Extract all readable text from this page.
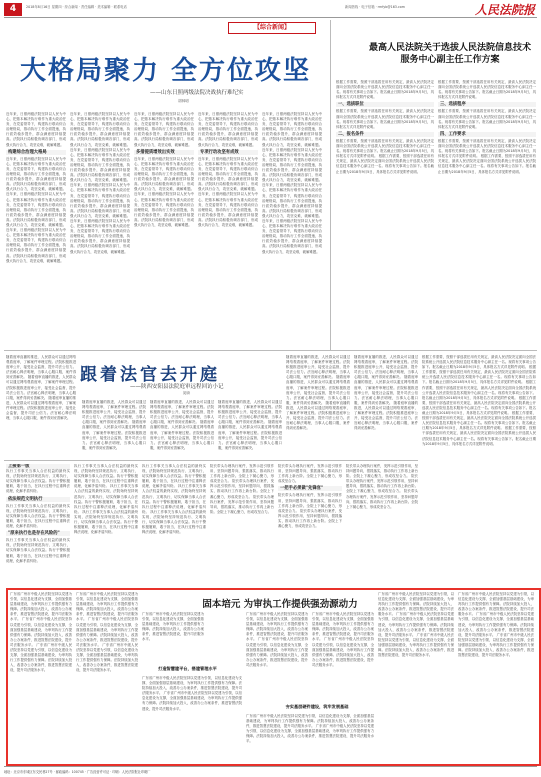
4	2018年8月16日 星期四 · 综合新闻 · 责任编辑 · 美术编辑 · 联系电话	新闻热线 · 电子信箱 · rmfyb@163.com	人民法院报
【综合新闻】
大格局聚力 全方位攻坚
——山东日照两级法院决战执行难纪实
胡林明
近年来，日照两级法院坚持以人民为中心，把基本解决执行难作为重大政治任务，在党委领导下，构建执行联动综合治理格局，推动执行工作全面提速，执行质效稳步提升，群众满意度持续提高。法院执行局积极协调各部门，形成强大执行合力，攻坚克难，破解难题。
构建综合治理大格局
近年来，日照两级法院坚持以人民为中心，把基本解决执行难作为重大政治任务，在党委领导下，构建执行联动综合治理格局，推动执行工作全面提速，执行质效稳步提升，群众满意度持续提高。法院执行局积极协调各部门，形成强大执行合力，攻坚克难，破解难题。 近年来，日照两级法院坚持以人民为中心，把基本解决执行难作为重大政治任务，在党委领导下，构建执行联动综合治理格局，推动执行工作全面提速，执行质效稳步提升，群众满意度持续提高。法院执行局积极协调各部门，形成强大执行合力，攻坚克难，破解难题。 近年来，日照两级法院坚持以人民为中心，把基本解决执行难作为重大政治任务，在党委领导下，构建执行联动综合治理格局，推动执行工作全面提速，执行质效稳步提升，群众满意度持续提高。法院执行局积极协调各部门，形成强大执行合力，攻坚克难，破解难题。
近年来，日照两级法院坚持以人民为中心，把基本解决执行难作为重大政治任务，在党委领导下，构建执行联动综合治理格局，推动执行工作全面提速，执行质效稳步提升，群众满意度持续提高。法院执行局积极协调各部门，形成强大执行合力，攻坚克难，破解难题。 近年来，日照两级法院坚持以人民为中心，把基本解决执行难作为重大政治任务，在党委领导下，构建执行联动综合治理格局，推动执行工作全面提速，执行质效稳步提升，群众满意度持续提高。法院执行局积极协调各部门，形成强大执行合力，攻坚克难，破解难题。 近年来，日照两级法院坚持以人民为中心，把基本解决执行难作为重大政治任务，在党委领导下，构建执行联动综合治理格局，推动执行工作全面提速，执行质效稳步提升，群众满意度持续提高。法院执行局积极协调各部门，形成强大执行合力，攻坚克难，破解难题。 近年来，日照两级法院坚持以人民为中心，把基本解决执行难作为重大政治任务，在党委领导下，构建执行联动综合治理格局，推动执行工作全面提速，执行质效稳步提升，群众满意度持续提高。法院执行局积极协调各部门，形成强大执行合力，攻坚克难，破解难题。
近年来，日照两级法院坚持以人民为中心，把基本解决执行难作为重大政治任务，在党委领导下，构建执行联动综合治理格局，推动执行工作全面提速，执行质效稳步提升，群众满意度持续提高。法院执行局积极协调各部门，形成强大执行合力，攻坚克难，破解难题。
多措提质增效出实效
近年来，日照两级法院坚持以人民为中心，把基本解决执行难作为重大政治任务，在党委领导下，构建执行联动综合治理格局，推动执行工作全面提速，执行质效稳步提升，群众满意度持续提高。法院执行局积极协调各部门，形成强大执行合力，攻坚克难，破解难题。 近年来，日照两级法院坚持以人民为中心，把基本解决执行难作为重大政治任务，在党委领导下，构建执行联动综合治理格局，推动执行工作全面提速，执行质效稳步提升，群众满意度持续提高。法院执行局积极协调各部门，形成强大执行合力，攻坚克难，破解难题。
近年来，日照两级法院坚持以人民为中心，把基本解决执行难作为重大政治任务，在党委领导下，构建执行联动综合治理格局，推动执行工作全面提速，执行质效稳步提升，群众满意度持续提高。法院执行局积极协调各部门，形成强大执行合力，攻坚克难，破解难题。
专项行动攻坚有成效
近年来，日照两级法院坚持以人民为中心，把基本解决执行难作为重大政治任务，在党委领导下，构建执行联动综合治理格局，推动执行工作全面提速，执行质效稳步提升，群众满意度持续提高。法院执行局积极协调各部门，形成强大执行合力，攻坚克难，破解难题。 近年来，日照两级法院坚持以人民为中心，把基本解决执行难作为重大政治任务，在党委领导下，构建执行联动综合治理格局，推动执行工作全面提速，执行质效稳步提升，群众满意度持续提高。法院执行局积极协调各部门，形成强大执行合力，攻坚克难，破解难题。
近年来，日照两级法院坚持以人民为中心，把基本解决执行难作为重大政治任务，在党委领导下，构建执行联动综合治理格局，推动执行工作全面提速，执行质效稳步提升，群众满意度持续提高。法院执行局积极协调各部门，形成强大执行合力，攻坚克难，破解难题。 近年来，日照两级法院坚持以人民为中心，把基本解决执行难作为重大政治任务，在党委领导下，构建执行联动综合治理格局，推动执行工作全面提速，执行质效稳步提升，群众满意度持续提高。法院执行局积极协调各部门，形成强大执行合力，攻坚克难，破解难题。 近年来，日照两级法院坚持以人民为中心，把基本解决执行难作为重大政治任务，在党委领导下，构建执行联动综合治理格局，推动执行工作全面提速，执行质效稳步提升，群众满意度持续提高。法院执行局积极协调各部门，形成强大执行合力，攻坚克难，破解难题。 近年来，日照两级法院坚持以人民为中心，把基本解决执行难作为重大政治任务，在党委领导下，构建执行联动综合治理格局，推动执行工作全面提速，执行质效稳步提升，群众满意度持续提高。法院执行局积极协调各部门，形成强大执行合力，攻坚克难，破解难题。
最高人民法院关于选拔人民法院信息技术服务中心副主任工作方案
根据工作需要，按照干部选拔任用有关规定，最高人民法院决定面向全国法院系统公开选拔人民法院信息技术服务中心副主任一名。现将有关事项公告如下。报名截止日期为2018年9月5日，具体报名方式详见附件说明。
一、选拔职位
根据工作需要，按照干部选拔任用有关规定，最高人民法院决定面向全国法院系统公开选拔人民法院信息技术服务中心副主任一名。现将有关事项公告如下。报名截止日期为2018年9月5日，具体报名方式详见附件说明。
二、报名条件
根据工作需要，按照干部选拔任用有关规定，最高人民法院决定面向全国法院系统公开选拔人民法院信息技术服务中心副主任一名。现将有关事项公告如下。报名截止日期为2018年9月5日，具体报名方式详见附件说明。 根据工作需要，按照干部选拔任用有关规定，最高人民法院决定面向全国法院系统公开选拔人民法院信息技术服务中心副主任一名。现将有关事项公告如下。报名截止日期为2018年9月5日，具体报名方式详见附件说明。
根据工作需要，按照干部选拔任用有关规定，最高人民法院决定面向全国法院系统公开选拔人民法院信息技术服务中心副主任一名。现将有关事项公告如下。报名截止日期为2018年9月5日，具体报名方式详见附件说明。
三、选拔程序
根据工作需要，按照干部选拔任用有关规定，最高人民法院决定面向全国法院系统公开选拔人民法院信息技术服务中心副主任一名。现将有关事项公告如下。报名截止日期为2018年9月5日，具体报名方式详见附件说明。
四、工作要求
根据工作需要，按照干部选拔任用有关规定，最高人民法院决定面向全国法院系统公开选拔人民法院信息技术服务中心副主任一名。现将有关事项公告如下。报名截止日期为2018年9月5日，具体报名方式详见附件说明。 根据工作需要，按照干部选拔任用有关规定，最高人民法院决定面向全国法院系统公开选拔人民法院信息技术服务中心副主任一名。现将有关事项公告如下。报名截止日期为2018年9月5日，具体报名方式详见附件说明。
跟着法官去开庭
——陕西安阳县法院庭审远程回访小记
阅读
随着庭审直播的推进，人民群众可以通过网络观看庭审，了解案件审理过程。法院积极推进庭审公开，接受社会监督，提升司法公信力。法官耐心释法明理，当事人心服口服，案件得到妥善解决。 随着庭审直播的推进，人民群众可以通过网络观看庭审，了解案件审理过程。法院积极推进庭审公开，接受社会监督，提升司法公信力。法官耐心释法明理，当事人心服口服，案件得到妥善解决。 随着庭审直播的推进，人民群众可以通过网络观看庭审，了解案件审理过程。法院积极推进庭审公开，接受社会监督，提升司法公信力。法官耐心释法明理，当事人心服口服，案件得到妥善解决。
随着庭审直播的推进，人民群众可以通过网络观看庭审，了解案件审理过程。法院积极推进庭审公开，接受社会监督，提升司法公信力。法官耐心释法明理，当事人心服口服，案件得到妥善解决。 随着庭审直播的推进，人民群众可以通过网络观看庭审，了解案件审理过程。法院积极推进庭审公开，接受社会监督，提升司法公信力。法官耐心释法明理，当事人心服口服，案件得到妥善解决。
随着庭审直播的推进，人民群众可以通过网络观看庭审，了解案件审理过程。法院积极推进庭审公开，接受社会监督，提升司法公信力。法官耐心释法明理，当事人心服口服，案件得到妥善解决。 随着庭审直播的推进，人民群众可以通过网络观看庭审，了解案件审理过程。法院积极推进庭审公开，接受社会监督，提升司法公信力。法官耐心释法明理，当事人心服口服，案件得到妥善解决。
随着庭审直播的推进，人民群众可以通过网络观看庭审，了解案件审理过程。法院积极推进庭审公开，接受社会监督，提升司法公信力。法官耐心释法明理，当事人心服口服，案件得到妥善解决。 随着庭审直播的推进，人民群众可以通过网络观看庭审，了解案件审理过程。法院积极推进庭审公开，接受社会监督，提升司法公信力。法官耐心释法明理，当事人心服口服，案件得到妥善解决。
随着庭审直播的推进，人民群众可以通过网络观看庭审，了解案件审理过程。法院积极推进庭审公开，接受社会监督，提升司法公信力。法官耐心释法明理，当事人心服口服，案件得到妥善解决。 随着庭审直播的推进，人民群众可以通过网络观看庭审，了解案件审理过程。法院积极推进庭审公开，接受社会监督，提升司法公信力。法官耐心释法明理，当事人心服口服，案件得到妥善解决。 随着庭审直播的推进，人民群众可以通过网络观看庭审，了解案件审理过程。法院积极推进庭审公开，接受社会监督，提升司法公信力。法官耐心释法明理，当事人心服口服，案件得到妥善解决。
随着庭审直播的推进，人民群众可以通过网络观看庭审，了解案件审理过程。法院积极推进庭审公开，接受社会监督，提升司法公信力。法官耐心释法明理，当事人心服口服，案件得到妥善解决。 随着庭审直播的推进，人民群众可以通过网络观看庭审，了解案件审理过程。法院积极推进庭审公开，接受社会监督，提升司法公信力。法官耐心释法明理，当事人心服口服，案件得到妥善解决。 随着庭审直播的推进，人民群众可以通过网络观看庭审，了解案件审理过程。法院积极推进庭审公开，接受社会监督，提升司法公信力。法官耐心释法明理，当事人心服口服，案件得到妥善解决。
根据工作需要，按照干部选拔任用有关规定，最高人民法院决定面向全国法院系统公开选拔人民法院信息技术服务中心副主任一名。现将有关事项公告如下。报名截止日期为2018年9月5日，具体报名方式详见附件说明。 根据工作需要，按照干部选拔任用有关规定，最高人民法院决定面向全国法院系统公开选拔人民法院信息技术服务中心副主任一名。现将有关事项公告如下。报名截止日期为2018年9月5日，具体报名方式详见附件说明。 根据工作需要，按照干部选拔任用有关规定，最高人民法院决定面向全国法院系统公开选拔人民法院信息技术服务中心副主任一名。现将有关事项公告如下。报名截止日期为2018年9月5日，具体报名方式详见附件说明。 根据工作需要，按照干部选拔任用有关规定，最高人民法院决定面向全国法院系统公开选拔人民法院信息技术服务中心副主任一名。现将有关事项公告如下。报名截止日期为2018年9月5日，具体报名方式详见附件说明。 根据工作需要，按照干部选拔任用有关规定，最高人民法院决定面向全国法院系统公开选拔人民法院信息技术服务中心副主任一名。现将有关事项公告如下。报名截止日期为2018年9月5日，具体报名方式详见附件说明。 根据工作需要，按照干部选拔任用有关规定，最高人民法院决定面向全国法院系统公开选拔人民法院信息技术服务中心副主任一名。现将有关事项公告如下。报名截止日期为2018年9月5日，具体报名方式详见附件说明。
上接第一版
执行工作事关当事人合法权益的最终实现，法院始终坚持规范执行、文明执行，切实保障当事人合法权益。执行干警积极履职，敢于担当，在执行过程中注重释法说理，化解矛盾纠纷。
依法规范文明执行
执行工作事关当事人合法权益的最终实现，法院始终坚持规范执行、文明执行，切实保障当事人合法权益。执行干警积极履职，敢于担当，在执行过程中注重释法说理，化解矛盾纠纷。
"原来执行也是存在风险的"
执行工作事关当事人合法权益的最终实现，法院始终坚持规范执行、文明执行，切实保障当事人合法权益。执行干警积极履职，敢于担当，在执行过程中注重释法说理，化解矛盾纠纷。
执行工作事关当事人合法权益的最终实现，法院始终坚持规范执行、文明执行，切实保障当事人合法权益。执行干警积极履职，敢于担当，在执行过程中注重释法说理，化解矛盾纠纷。 执行工作事关当事人合法权益的最终实现，法院始终坚持规范执行、文明执行，切实保障当事人合法权益。执行干警积极履职，敢于担当，在执行过程中注重释法说理，化解矛盾纠纷。 执行工作事关当事人合法权益的最终实现，法院始终坚持规范执行、文明执行，切实保障当事人合法权益。执行干警积极履职，敢于担当，在执行过程中注重释法说理，化解矛盾纠纷。
执行工作事关当事人合法权益的最终实现，法院始终坚持规范执行、文明执行，切实保障当事人合法权益。执行干警积极履职，敢于担当，在执行过程中注重释法说理，化解矛盾纠纷。 执行工作事关当事人合法权益的最终实现，法院始终坚持规范执行、文明执行，切实保障当事人合法权益。执行干警积极履职，敢于担当，在执行过程中注重释法说理，化解矛盾纠纷。 执行工作事关当事人合法权益的最终实现，法院始终坚持规范执行、文明执行，切实保障当事人合法权益。执行干警积极履职，敢于担当，在执行过程中注重释法说理，化解矛盾纠纷。
院长带头办理执行案件，发挥示范引领作用，坚持问题导向，狠抓落实，推动执行工作再上新台阶。全院上下凝心聚力，形成攻坚合力。 院长带头办理执行案件，发挥示范引领作用，坚持问题导向，狠抓落实，推动执行工作再上新台阶。全院上下凝心聚力，形成攻坚合力。 院长带头办理执行案件，发挥示范引领作用，坚持问题导向，狠抓落实，推动执行工作再上新台阶。全院上下凝心聚力，形成攻坚合力。
院长带头办理执行案件，发挥示范引领作用，坚持问题导向，狠抓落实，推动执行工作再上新台阶。全院上下凝心聚力，形成攻坚合力。
一把手必须做"先锋官"
院长带头办理执行案件，发挥示范引领作用，坚持问题导向，狠抓落实，推动执行工作再上新台阶。全院上下凝心聚力，形成攻坚合力。 院长带头办理执行案件，发挥示范引领作用，坚持问题导向，狠抓落实，推动执行工作再上新台阶。全院上下凝心聚力，形成攻坚合力。
院长带头办理执行案件，发挥示范引领作用，坚持问题导向，狠抓落实，推动执行工作再上新台阶。全院上下凝心聚力，形成攻坚合力。 院长带头办理执行案件，发挥示范引领作用，坚持问题导向，狠抓落实，推动执行工作再上新台阶。全院上下凝心聚力，形成攻坚合力。 院长带头办理执行案件，发挥示范引领作用，坚持问题导向，狠抓落实，推动执行工作再上新台阶。全院上下凝心聚力，形成攻坚合力。
固本培元 为审执工作提供强劲源动力
广东省广州市中级人民法院坚持以党建为引领，以信息化建设为支撑，全面加强基层基础建设，为审判执行工作提供强有力保障。法院持续加大投入，改善办公办案条件，推进智慧法院建设，提升司法服务水平。 广东省广州市中级人民法院坚持以党建为引领，以信息化建设为支撑，全面加强基层基础建设，为审判执行工作提供强有力保障。法院持续加大投入，改善办公办案条件，推进智慧法院建设，提升司法服务水平。 广东省广州市中级人民法院坚持以党建为引领，以信息化建设为支撑，全面加强基层基础建设，为审判执行工作提供强有力保障。法院持续加大投入，改善办公办案条件，推进智慧法院建设，提升司法服务水平。
广东省广州市中级人民法院坚持以党建为引领，以信息化建设为支撑，全面加强基层基础建设，为审判执行工作提供强有力保障。法院持续加大投入，改善办公办案条件，推进智慧法院建设，提升司法服务水平。 广东省广州市中级人民法院坚持以党建为引领，以信息化建设为支撑，全面加强基层基础建设，为审判执行工作提供强有力保障。法院持续加大投入，改善办公办案条件，推进智慧法院建设，提升司法服务水平。 广东省广州市中级人民法院坚持以党建为引领，以信息化建设为支撑，全面加强基层基础建设，为审判执行工作提供强有力保障。法院持续加大投入，改善办公办案条件，推进智慧法院建设，提升司法服务水平。
广东省广州市中级人民法院坚持以党建为引领，以信息化建设为支撑，全面加强基层基础建设，为审判执行工作提供强有力保障。法院持续加大投入，改善办公办案条件，推进智慧法院建设，提升司法服务水平。
打造智慧建平台，搭建管理水平
广东省广州市中级人民法院坚持以党建为引领，以信息化建设为支撑，全面加强基层基础建设，为审判执行工作提供强有力保障。法院持续加大投入，改善办公办案条件，推进智慧法院建设，提升司法服务水平。 广东省广州市中级人民法院坚持以党建为引领，以信息化建设为支撑，全面加强基层基础建设，为审判执行工作提供强有力保障。法院持续加大投入，改善办公办案条件，推进智慧法院建设，提升司法服务水平。
广东省广州市中级人民法院坚持以党建为引领，以信息化建设为支撑，全面加强基层基础建设，为审判执行工作提供强有力保障。法院持续加大投入，改善办公办案条件，推进智慧法院建设，提升司法服务水平。 广东省广州市中级人民法院坚持以党建为引领，以信息化建设为支撑，全面加强基层基础建设，为审判执行工作提供强有力保障。法院持续加大投入，改善办公办案条件，推进智慧法院建设，提升司法服务水平。
广东省广州市中级人民法院坚持以党建为引领，以信息化建设为支撑，全面加强基层基础建设，为审判执行工作提供强有力保障。法院持续加大投入，改善办公办案条件，推进智慧法院建设，提升司法服务水平。 广东省广州市中级人民法院坚持以党建为引领，以信息化建设为支撑，全面加强基层基础建设，为审判执行工作提供强有力保障。法院持续加大投入，改善办公办案条件，推进智慧法院建设，提升司法服务水平。
夯实基层硬件建设，筑牢发展基础
广东省广州市中级人民法院坚持以党建为引领，以信息化建设为支撑，全面加强基层基础建设，为审判执行工作提供强有力保障。法院持续加大投入，改善办公办案条件，推进智慧法院建设，提升司法服务水平。 广东省广州市中级人民法院坚持以党建为引领，以信息化建设为支撑，全面加强基层基础建设，为审判执行工作提供强有力保障。法院持续加大投入，改善办公办案条件，推进智慧法院建设，提升司法服务水平。
广东省广州市中级人民法院坚持以党建为引领，以信息化建设为支撑，全面加强基层基础建设，为审判执行工作提供强有力保障。法院持续加大投入，改善办公办案条件，推进智慧法院建设，提升司法服务水平。 广东省广州市中级人民法院坚持以党建为引领，以信息化建设为支撑，全面加强基层基础建设，为审判执行工作提供强有力保障。法院持续加大投入，改善办公办案条件，推进智慧法院建设，提升司法服务水平。 广东省广州市中级人民法院坚持以党建为引领，以信息化建设为支撑，全面加强基层基础建设，为审判执行工作提供强有力保障。法院持续加大投入，改善办公办案条件，推进智慧法院建设，提升司法服务水平。
广东省广州市中级人民法院坚持以党建为引领，以信息化建设为支撑，全面加强基层基础建设，为审判执行工作提供强有力保障。法院持续加大投入，改善办公办案条件，推进智慧法院建设，提升司法服务水平。 广东省广州市中级人民法院坚持以党建为引领，以信息化建设为支撑，全面加强基层基础建设，为审判执行工作提供强有力保障。法院持续加大投入，改善办公办案条件，推进智慧法院建设，提升司法服务水平。 广东省广州市中级人民法院坚持以党建为引领，以信息化建设为支撑，全面加强基层基础建设，为审判执行工作提供强有力保障。法院持续加大投入，改善办公办案条件，推进智慧法院建设，提升司法服务水平。
地址：北京市东城区东交民巷27号 · 邮政编码：100745 · 广告经营许可证 · 印刷：人民法院报社印刷厂
